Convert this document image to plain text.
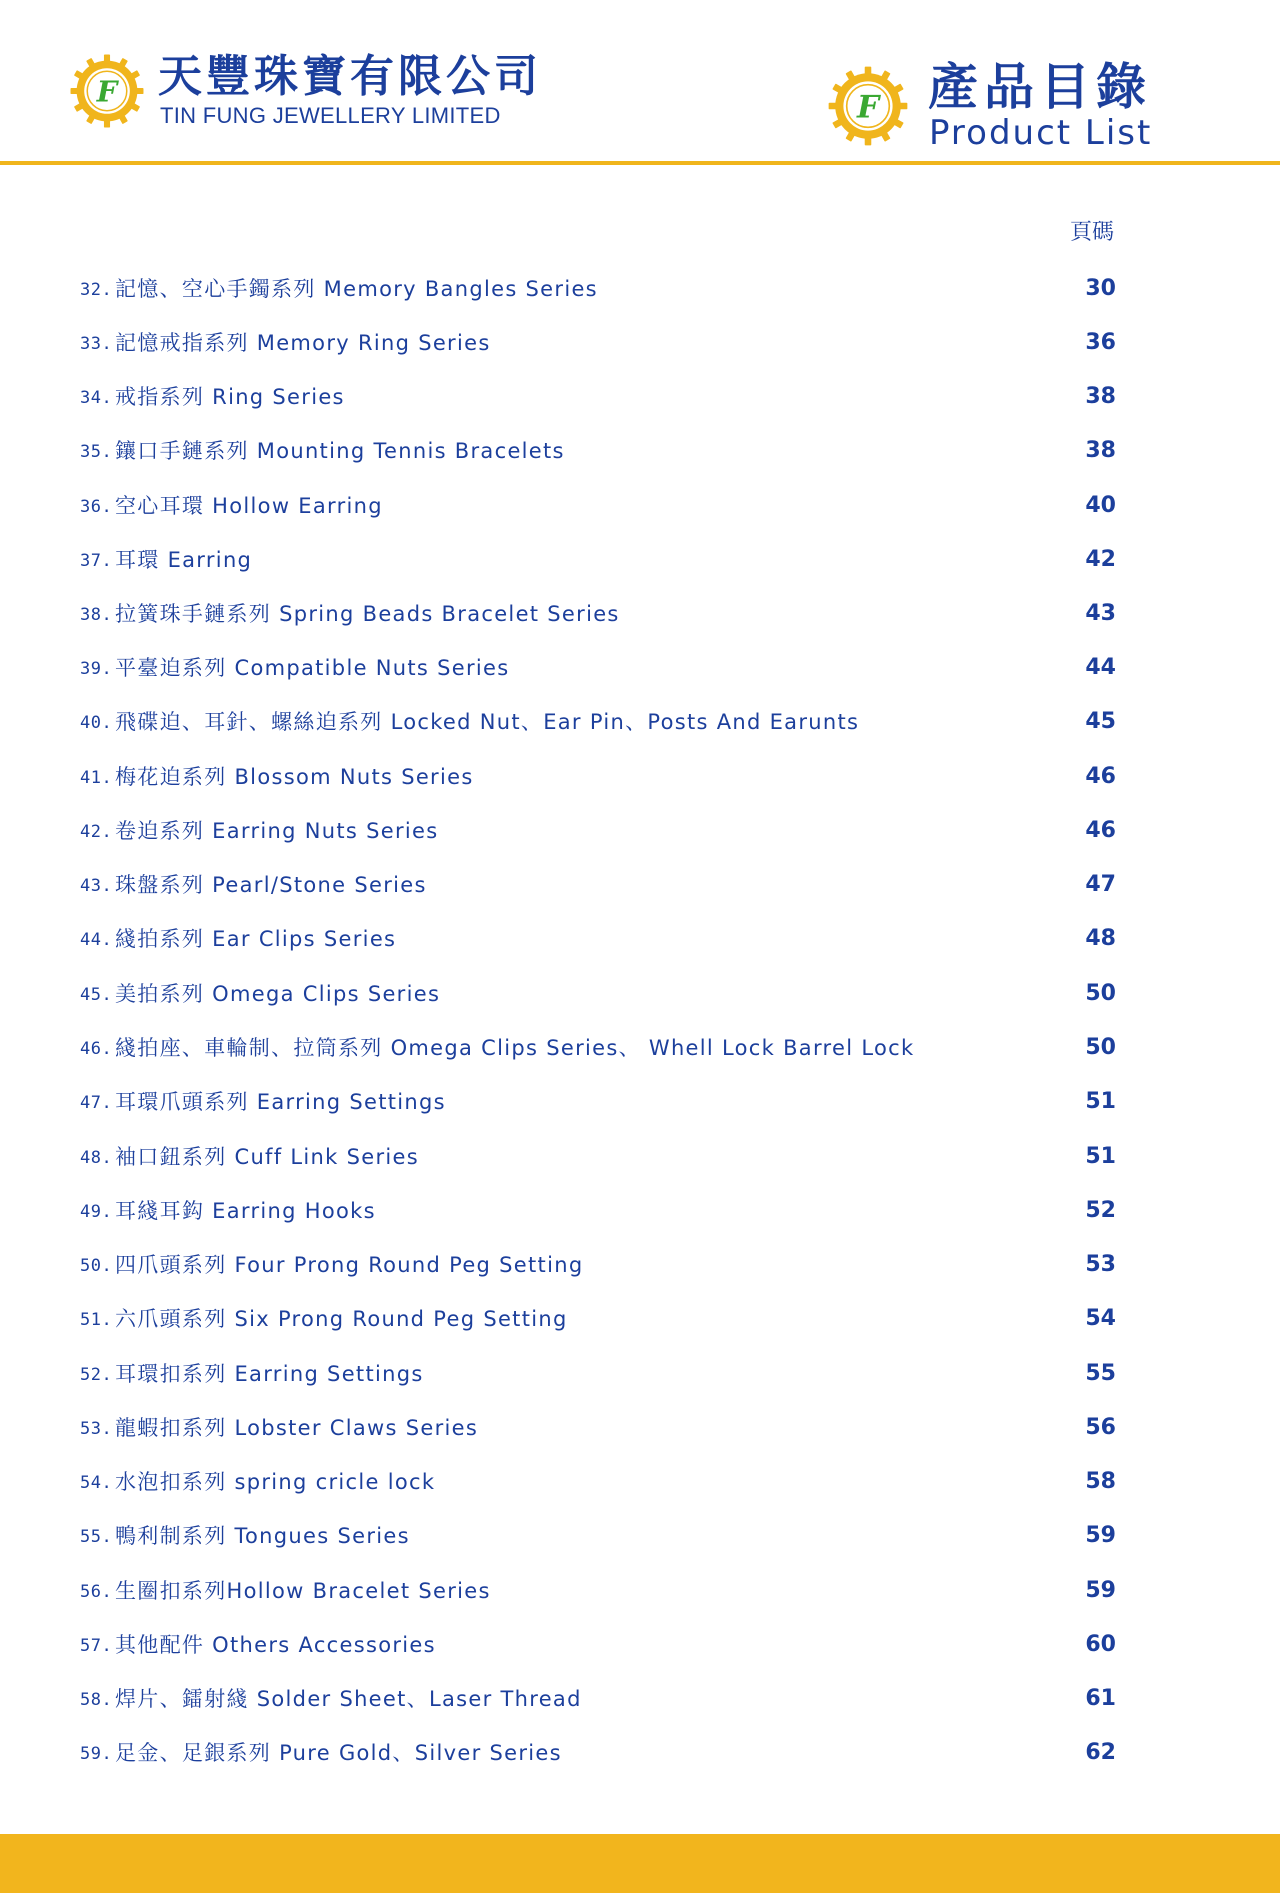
F 天豐珠寶有限公司
TIN FUNG JEWELLERY LIMITED	F 產品目錄
Product List
頁碼
32. 記憶、空心手鐲系列 Memory Bangles Series	30
33. 記憶戒指系列 Memory Ring Series	36
34. 戒指系列 Ring Series	38
35. 鑲口手鏈系列 Mounting Tennis Bracelets	38
36. 空心耳環 Hollow Earring	40
37. 耳環 Earring	42
38. 拉簧珠手鏈系列 Spring Beads Bracelet Series	43
39. 平臺迫系列 Compatible Nuts Series	44
40. 飛碟迫、耳針、螺絲迫系列 Locked Nut、Ear Pin、Posts And Earunts	45
41. 梅花迫系列 Blossom Nuts Series	46
42. 卷迫系列 Earring Nuts Series	46
43. 珠盤系列 Pearl/Stone Series	47
44. 綫拍系列 Ear Clips Series	48
45. 美拍系列 Omega Clips Series	50
46. 綫拍座、車輪制、拉筒系列 Omega Clips Series、 Whell Lock Barrel Lock	50
47. 耳環爪頭系列 Earring Settings	51
48. 袖口鈕系列 Cuff Link Series	51
49. 耳綫耳鈎 Earring Hooks	52
50. 四爪頭系列 Four Prong Round Peg Setting	53
51. 六爪頭系列 Six Prong Round Peg Setting	54
52. 耳環扣系列 Earring Settings	55
53. 龍蝦扣系列 Lobster Claws Series	56
54. 水泡扣系列 spring cricle lock	58
55. 鴨利制系列 Tongues Series	59
56. 生圈扣系列Hollow Bracelet Series	59
57. 其他配件 Others Accessories	60
58. 焊片、鐳射綫 Solder Sheet、Laser Thread	61
59. 足金、足銀系列 Pure Gold、Silver Series	62
